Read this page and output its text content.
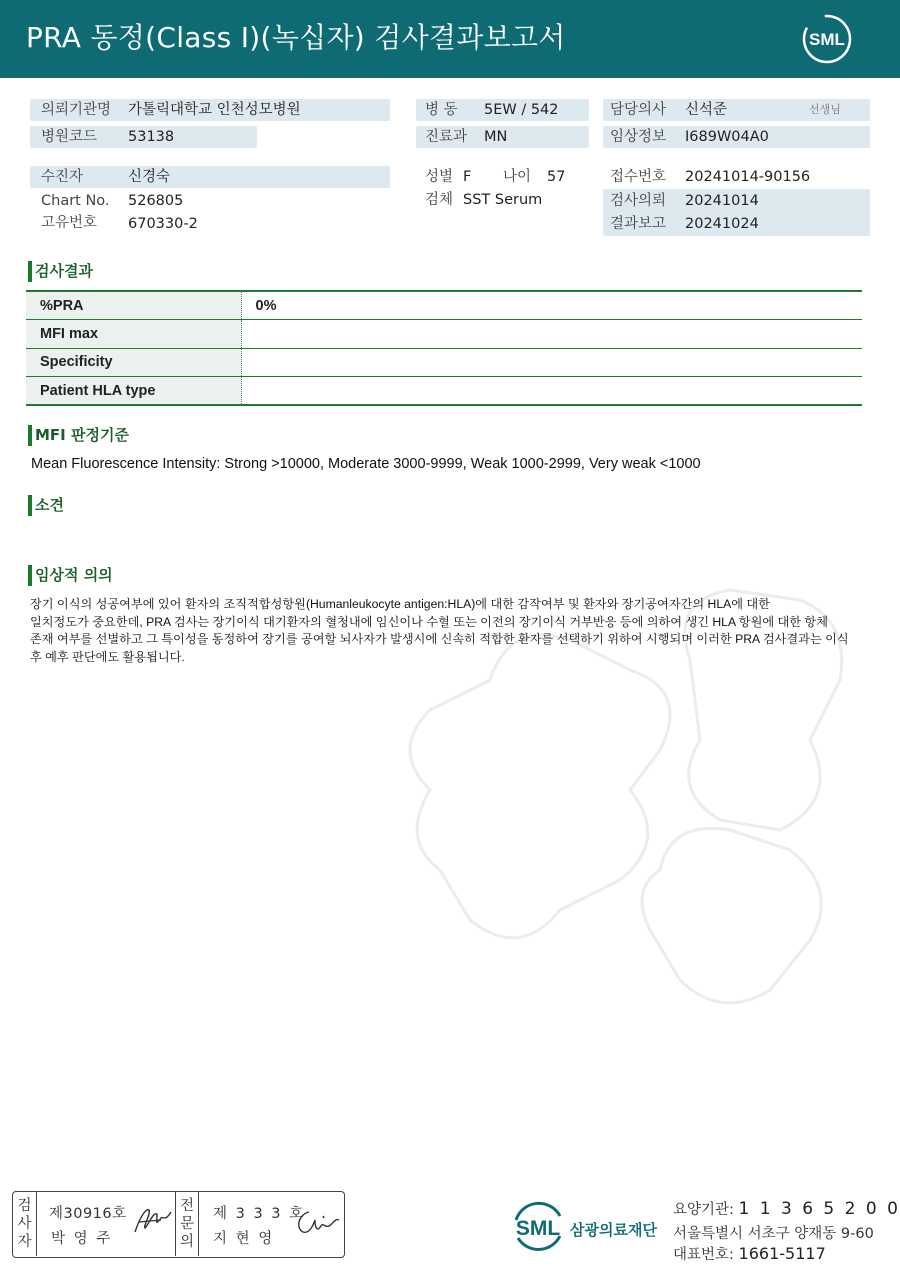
PRA 동정(Class I)(녹십자) 검사결과보고서	SML
의뢰기관명 가톨릭대학교 인천성모병원
병원코드 53138
수진자	신경숙
Chart No. 526805
고유번호 670330-2
병 동 5EW / 542
진료과 MN
성별 F 나이 57
검체 SST Serum
담당의사 신석준	선생님
임상정보 I689W04A0
접수번호 20241014-90156
검사의뢰 20241014
결과보고 20241024
검사결과
%PRA	0%
MFI max	
Specificity	
Patient HLA type	
MFI 판정기준
Mean Fluorescence Intensity: Strong >10000, Moderate 3000-9999, Weak 1000-2999, Very weak <1000
소견
임상적 의의
장기 이식의 성공여부에 있어 환자의 조직적합성항원(Humanleukocyte antigen:HLA)에 대한 감작여부 및 환자와 장기공여자간의 HLA에 대한
일치정도가 중요한데, PRA 검사는 장기이식 대기환자의 혈청내에 임신이나 수혈 또는 이전의 장기이식 거부반응 등에 의하여 생긴 HLA 항원에 대한 항체
존재 여부를 선별하고 그 특이성을 동정하여 장기를 공여할 뇌사자가 발생시에 신속히 적합한 환자를 선택하기 위하여 시행되며 이러한 PRA 검사결과는 이식
후 예후 판단에도 활용됩니다.
검
사
자
제30916호
박 영 주
전
문
의
제 3 3 3 호
지 현 영	SML 삼광의료재단
요양기관: 1 1 3 6 5 2 0 0
서울특별시 서초구 양재동 9-60
대표번호: 1661-5117
